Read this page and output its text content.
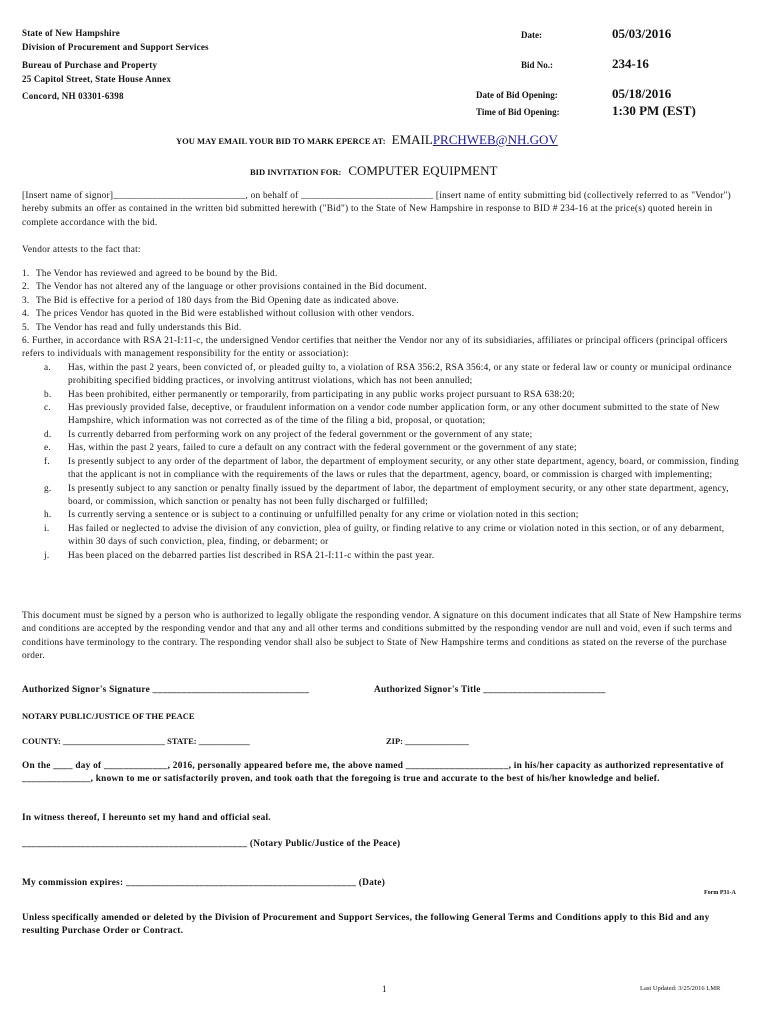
State of New Hampshire
Division of Procurement and Support Services
Bureau of Purchase and Property
25 Capitol Street, State House Annex
Concord, NH 03301-6398
Date:	05/03/2016
Bid No.:	234-16
Date of Bid Opening:	05/18/2016
Time of Bid Opening:	1:30 PM (EST)
YOU MAY EMAIL YOUR BID TO MARK EPERCE AT: EMAILPRCHWEB@NH.GOV
BID INVITATION FOR: COMPUTER EQUIPMENT
[Insert name of signor]___________________________, on behalf of ___________________________ [insert name of entity submitting bid (collectively referred to as "Vendor") hereby submits an offer as contained in the written bid submitted herewith ("Bid") to the State of New Hampshire in response to BID # 234-16 at the price(s) quoted herein in complete accordance with the bid.
Vendor attests to the fact that:
1. The Vendor has reviewed and agreed to be bound by the Bid.
2. The Vendor has not altered any of the language or other provisions contained in the Bid document.
3. The Bid is effective for a period of 180 days from the Bid Opening date as indicated above.
4. The prices Vendor has quoted in the Bid were established without collusion with other vendors.
5. The Vendor has read and fully understands this Bid.
6. Further, in accordance with RSA 21-I:11-c, the undersigned Vendor certifies that neither the Vendor nor any of its subsidiaries, affiliates or principal officers (principal officers refers to individuals with management responsibility for the entity or association):
a.	Has, within the past 2 years, been convicted of, or pleaded guilty to, a violation of RSA 356:2, RSA 356:4, or any state or federal law or county or municipal ordinance prohibiting specified bidding practices, or involving antitrust violations, which has not been annulled;
b.	Has been prohibited, either permanently or temporarily, from participating in any public works project pursuant to RSA 638:20;
c.	Has previously provided false, deceptive, or fraudulent information on a vendor code number application form, or any other document submitted to the state of New Hampshire, which information was not corrected as of the time of the filing a bid, proposal, or quotation;
d.	Is currently debarred from performing work on any project of the federal government or the government of any state;
e.	Has, within the past 2 years, failed to cure a default on any contract with the federal government or the government of any state;
f.	Is presently subject to any order of the department of labor, the department of employment security, or any other state department, agency, board, or commission, finding that the applicant is not in compliance with the requirements of the laws or rules that the department, agency, board, or commission is charged with implementing;
g.	Is presently subject to any sanction or penalty finally issued by the department of labor, the department of employment security, or any other state department, agency, board, or commission, which sanction or penalty has not been fully discharged or fulfilled;
h.	Is currently serving a sentence or is subject to a continuing or unfulfilled penalty for any crime or violation noted in this section;
i.	Has failed or neglected to advise the division of any conviction, plea of guilty, or finding relative to any crime or violation noted in this section, or of any debarment, within 30 days of such conviction, plea, finding, or debarment; or
j.	Has been placed on the debarred parties list described in RSA 21-I:11-c within the past year.
This document must be signed by a person who is authorized to legally obligate the responding vendor. A signature on this document indicates that all State of New Hampshire terms and conditions are accepted by the responding vendor and that any and all other terms and conditions submitted by the responding vendor are null and void, even if such terms and conditions have terminology to the contrary. The responding vendor shall also be subject to State of New Hampshire terms and conditions as stated on the reverse of the purchase order.
Authorized Signor's Signature ________________________________	Authorized Signor's Title _________________________
NOTARY PUBLIC/JUSTICE OF THE PEACE
COUNTY: ________________________ STATE: ____________	ZIP: _______________
On the ____ day of _____________, 2016, personally appeared before me, the above named _____________________, in his/her capacity as authorized representative of ______________, known to me or satisfactorily proven, and took oath that the foregoing is true and accurate to the best of his/her knowledge and belief.
In witness thereof, I hereunto set my hand and official seal.
______________________________________________ (Notary Public/Justice of the Peace)
My commission expires: _______________________________________________ (Date)
Form P31-A
Unless specifically amended or deleted by the Division of Procurement and Support Services, the following General Terms and Conditions apply to this Bid and any resulting Purchase Order or Contract.
1	Last Updated: 3/25/2016 LMR
